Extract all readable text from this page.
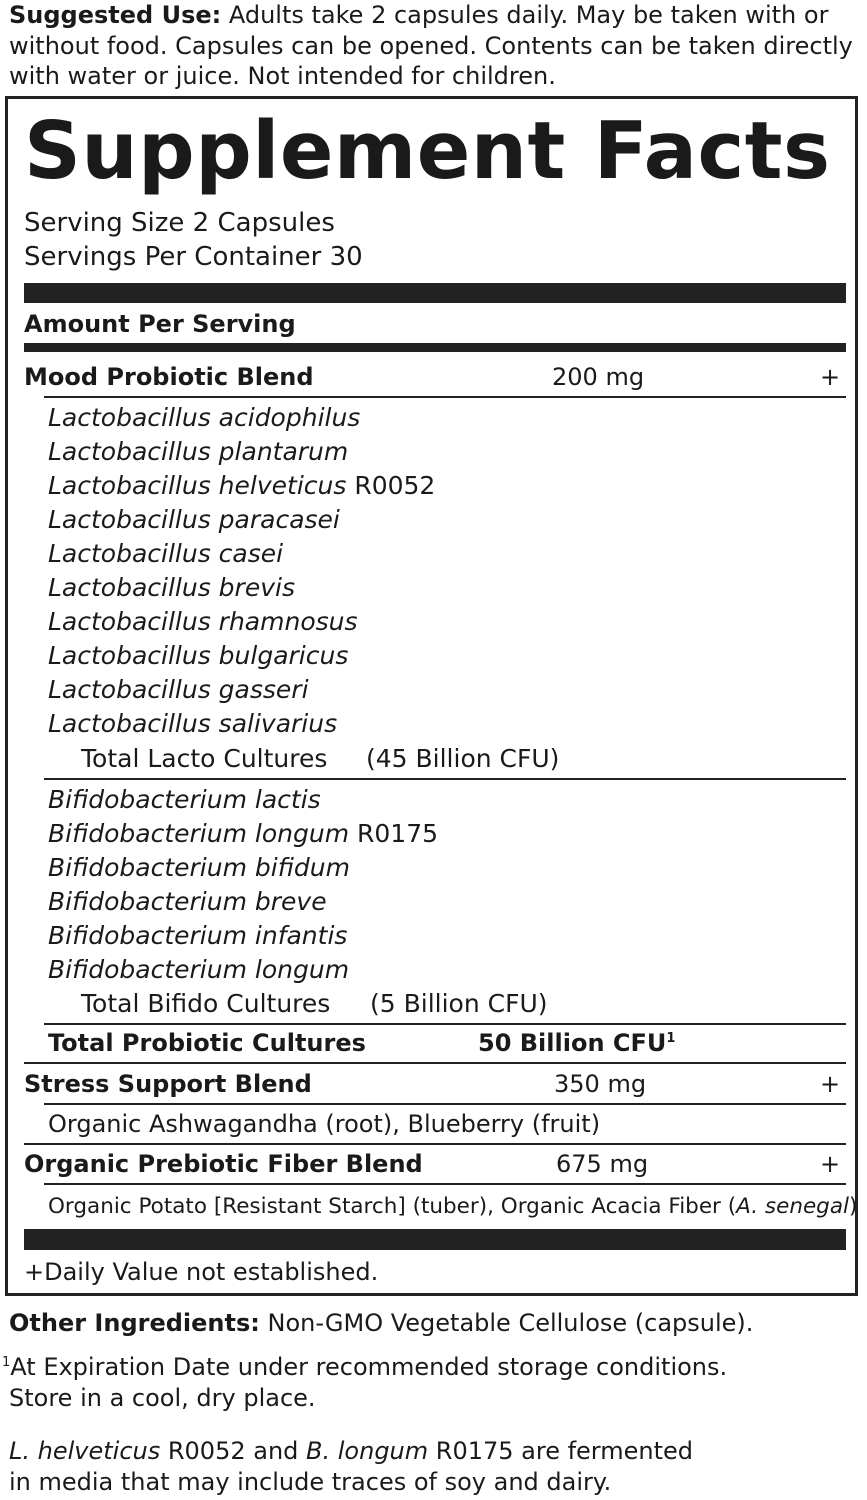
Suggested Use: Adults take 2 capsules daily. May be taken with or without food. Capsules can be opened. Contents can be taken directly with water or juice. Not intended for children.
Supplement Facts
Serving Size 2 Capsules
Servings Per Container 30
Amount Per Serving
Mood Probiotic Blend	200 mg	+
Lactobacillus acidophilus
Lactobacillus plantarum
Lactobacillus helveticus R0052
Lactobacillus paracasei
Lactobacillus casei
Lactobacillus brevis
Lactobacillus rhamnosus
Lactobacillus bulgaricus
Lactobacillus gasseri
Lactobacillus salivarius
Total Lacto Cultures (45 Billion CFU)
Bifidobacterium lactis
Bifidobacterium longum R0175
Bifidobacterium bifidum
Bifidobacterium breve
Bifidobacterium infantis
Bifidobacterium longum
Total Bifido Cultures (5 Billion CFU)
Total Probiotic Cultures	50 Billion CFU$^1$
Stress Support Blend	350 mg	+
Organic Ashwagandha (root), Blueberry (fruit)
Organic Prebiotic Fiber Blend	675 mg	+
Organic Potato [Resistant Starch] (tuber), Organic Acacia Fiber (A. senegal)
+Daily Value not established.
Other Ingredients: Non-GMO Vegetable Cellulose (capsule).
$^1$At Expiration Date under recommended storage conditions.
Store in a cool, dry place.
L. helveticus R0052 and B. longum R0175 are fermented
in media that may include traces of soy and dairy.
